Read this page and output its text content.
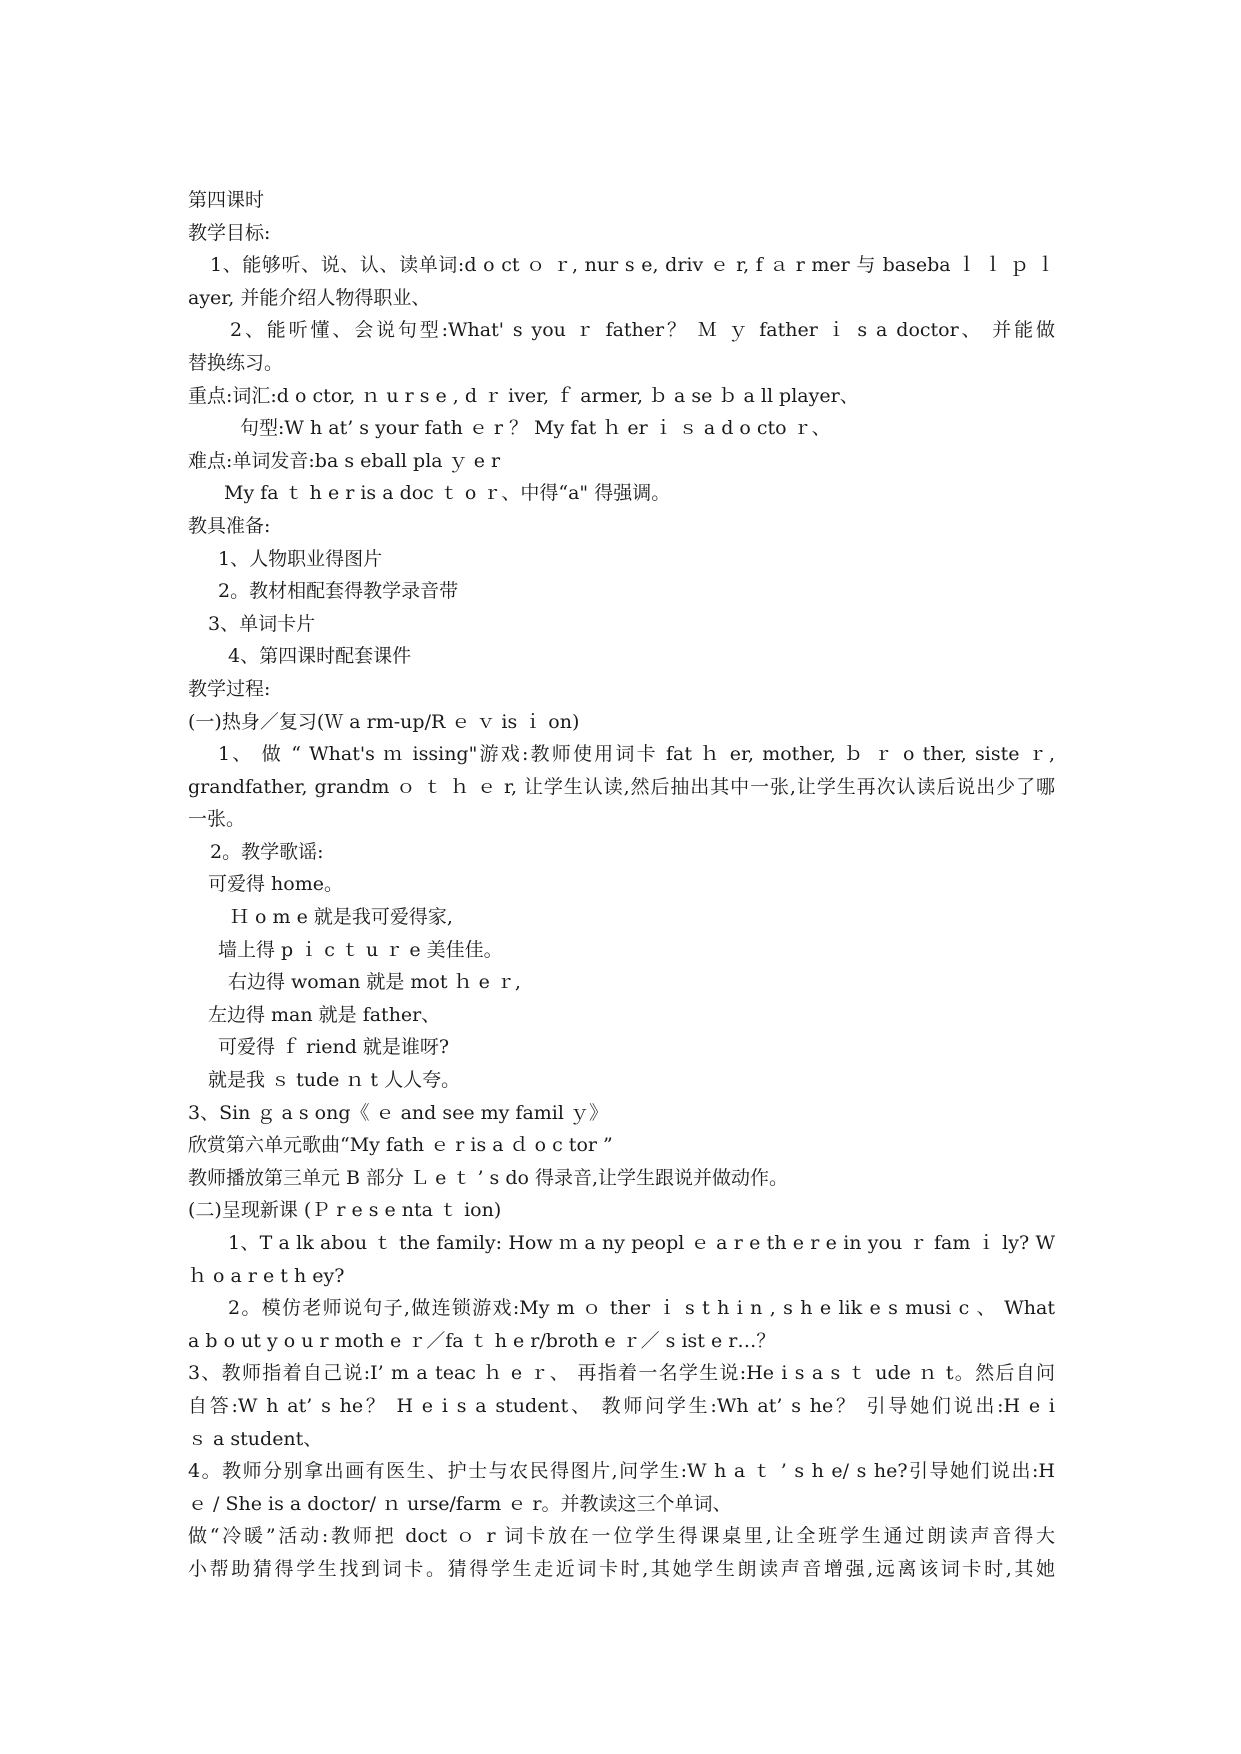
第四课时
教学目标:
1、能够听、说、认、读单词:d o ct ｏ ｒ, nur s e, driv ｅ r, f ａ r mer 与 baseba ｌ ｌ ｐ ｌ
ayer, 并能介绍人物得职业、
2、能听懂、会说句型:What' s you ｒ father？ Ｍ ｙ father ｉ s a doctor、 并能做
替换练习。
重点:词汇:d o ctor, ｎ u r s e , d ｒ iver, ｆ armer, ｂ a se ｂ a ll player、
句型:W h at’ s your fath ｅ r ？ My fat ｈ er ｉ ｓ a d o cto ｒ、
难点:单词发音:ba s eball pla ｙ e r
My fa ｔ h e r is a doc ｔ o ｒ、中得“a" 得强调。
教具准备:
1、人物职业得图片
2。教材相配套得教学录音带
3、单词卡片
4、第四课时配套课件
教学过程:
(一)热身／复习(Ｗ a rm-up/R ｅ ｖ is ｉ on)
1、 做 “ What's ｍ issing"游戏:教师使用词卡 fat ｈ er, mother, ｂ ｒ o ther, siste ｒ,
grandfather, grandm ｏ ｔ ｈ ｅ r, 让学生认读,然后抽出其中一张,让学生再次认读后说出少了哪
一张。
2。教学歌谣:
可爱得 home。
Ｈ o m e 就是我可爱得家,
墙上得 p ｉ c ｔ u ｒ e 美佳佳。
右边得 woman 就是 mot ｈ e ｒ,
左边得 man 就是 father、
可爱得 ｆ riend 就是谁呀?
就是我 ｓ tude ｎ t 人人夸。
3、Sin ｇ a s ong《 ｅ and see my famil ｙ》
欣赏第六单元歌曲“My fath ｅ r is a ｄ o c tor ”
教师播放第三单元 B 部分 Ｌ e ｔ ’ s do 得录音,让学生跟说并做动作。
(二)呈现新课 (Ｐ r e s e nta ｔ ion)
1、T a lk abou ｔ the family: How ｍ a ny peopl ｅ a r e th e r e in you ｒ fam ｉ ly? W
ｈ o a r e t h ey?
2。模仿老师说句子,做连锁游戏:My m ｏ ther ｉ s t h i n , s h e lik e s musi c 、 What
a b o ut y o u r moth e ｒ／fa ｔ h e r/broth e ｒ／ s ist e r…？
3、教师指着自己说:I’ m a teac ｈ e ｒ、 再指着一名学生说:He i s a s ｔ ude ｎ t。然后自问
自答:W h at’ s he？ H e i s a student、 教师问学生:Wh at’ s he？ 引导她们说出:H e i
ｓ a student、
4。教师分别拿出画有医生、护士与农民得图片,问学生:W h a ｔ ’ s h e/ s he?引导她们说出:H
ｅ / She is a doctor/ ｎ urse/farm ｅ r。并教读这三个单词、
做“冷暖”活动:教师把 doct ｏ r 词卡放在一位学生得课桌里,让全班学生通过朗读声音得大
小帮助猜得学生找到词卡。猜得学生走近词卡时,其她学生朗读声音增强,远离该词卡时,其她
